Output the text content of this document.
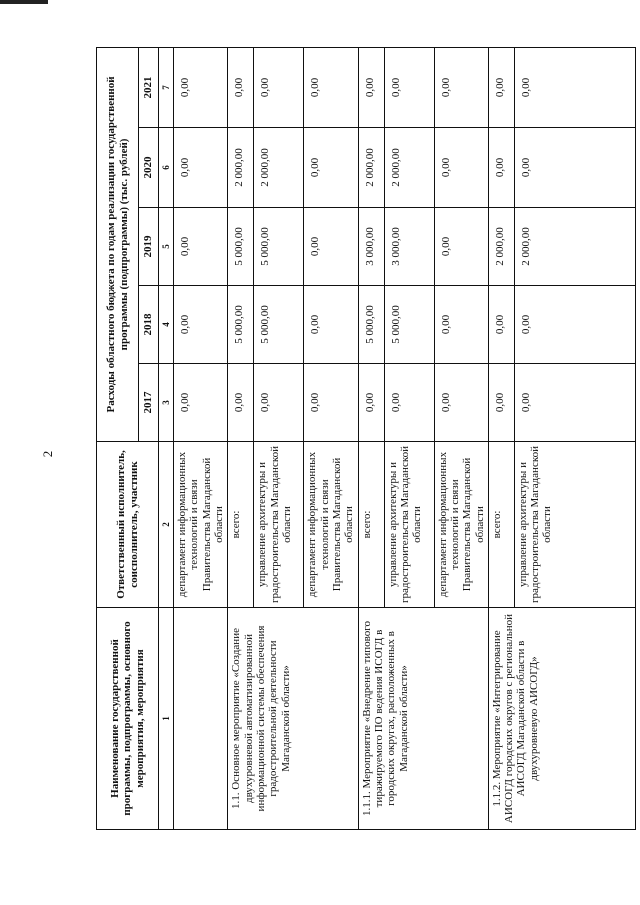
2
Наименование государственной программы, подпрограммы, основного мероприятия, мероприятия	Ответственный исполнитель, соисполнитель, участник	Расходы областного бюджета по годам реализации государственной программы (подпрограммы) (тыс. рублей)				
		2017	2018	2019	2020	2021
1	2	3	4	5	6	7
	департамент информационных технологий и связи Правительства Магаданской области	0,00	0,00	0,00	0,00	0,00
1.1. Основное мероприятие «Создание двухуровневой автоматизированной информационной системы обеспечения градостроительной деятельности Магаданской области»	всего:	0,00	5 000,00	5 000,00	2 000,00	0,00
	управление архитектуры и градостроительства Магаданской области	0,00	5 000,00	5 000,00	2 000,00	0,00
	департамент информационных технологий и связи Правительства Магаданской области	0,00	0,00	0,00	0,00	0,00
1.1.1. Мероприятие «Внедрение типового тиражируемого ПО ведения ИСОГД в городских округах, расположенных в Магаданской области»	всего:	0,00	5 000,00	3 000,00	2 000,00	0,00
	управление архитектуры и градостроительства Магаданской области	0,00	5 000,00	3 000,00	2 000,00	0,00
	департамент информационных технологий и связи Правительства Магаданской области	0,00	0,00	0,00	0,00	0,00
1.1.2. Мероприятие «Интегрирование АИСОГД городских округов с региональной АИСОГД Магаданской области в двухуровневую АИСОГД»	всего:	0,00	0,00	2 000,00	0,00	0,00
	управление архитектуры и градостроительства Магаданской области	0,00	0,00	2 000,00	0,00	0,00
